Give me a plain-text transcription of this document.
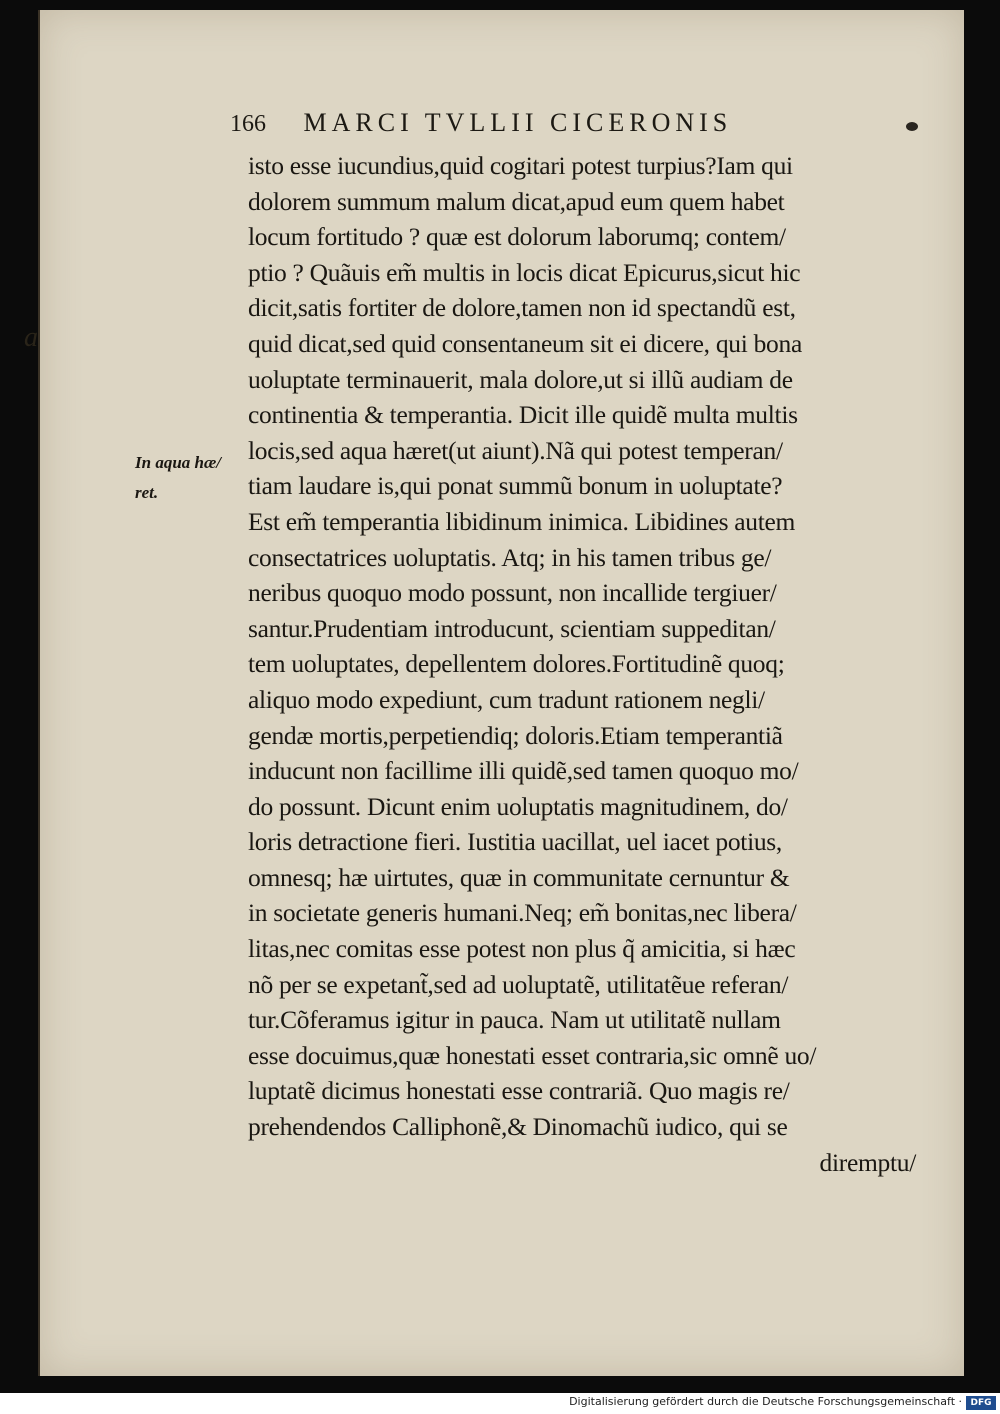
a
166 MARCI TVLLII CICERONIS
In aqua hæ/
ret.
isto esse iucundius,quid cogitari potest turpius?Iam qui
dolorem summum malum dicat,apud eum quem habet
locum fortitudo ? quæ est dolorum laborumq; contem/
ptio ? Quãuis em̃ multis in locis dicat Epicurus,sicut hic
dicit,satis fortiter de dolore,tamen non id spectandũ est,
quid dicat,sed quid consentaneum sit ei dicere, qui bona
uoluptate terminauerit, mala dolore,ut si illũ audiam de
continentia & temperantia. Dicit ille quidẽ multa multis
locis,sed aqua hæret(ut aiunt).Nã qui potest temperan/
tiam laudare is,qui ponat summũ bonum in uoluptate?
Est em̃ temperantia libidinum inimica. Libidines autem
consectatrices uoluptatis. Atq; in his tamen tribus ge/
neribus quoquo modo possunt, non incallide tergiuer/
santur.Prudentiam introducunt, scientiam suppeditan/
tem uoluptates, depellentem dolores.Fortitudinẽ quoq;
aliquo modo expediunt, cum tradunt rationem negli/
gendæ mortis,perpetiendiq; doloris.Etiam temperantiã
inducunt non facillime illi quidẽ,sed tamen quoquo mo/
do possunt. Dicunt enim uoluptatis magnitudinem, do/
loris detractione fieri. Iustitia uacillat, uel iacet potius,
omnesq; hæ uirtutes, quæ in communitate cernuntur &
in societate generis humani.Neq; em̃ bonitas,nec libera/
litas,nec comitas esse potest non plus q̃ amicitia, si hæc
nõ per se expetant̃,sed ad uoluptatẽ, utilitatẽue referan/
tur.Cõferamus igitur in pauca. Nam ut utilitatẽ nullam
esse docuimus,quæ honestati esset contraria,sic omnẽ uo/
luptatẽ dicimus honestati esse contrariã. Quo magis re/
prehendendos Calliphonẽ,& Dinomachũ iudico, qui se
diremptu/
Digitalisierung gefördert durch die Deutsche Forschungsgemeinschaft · DFG
